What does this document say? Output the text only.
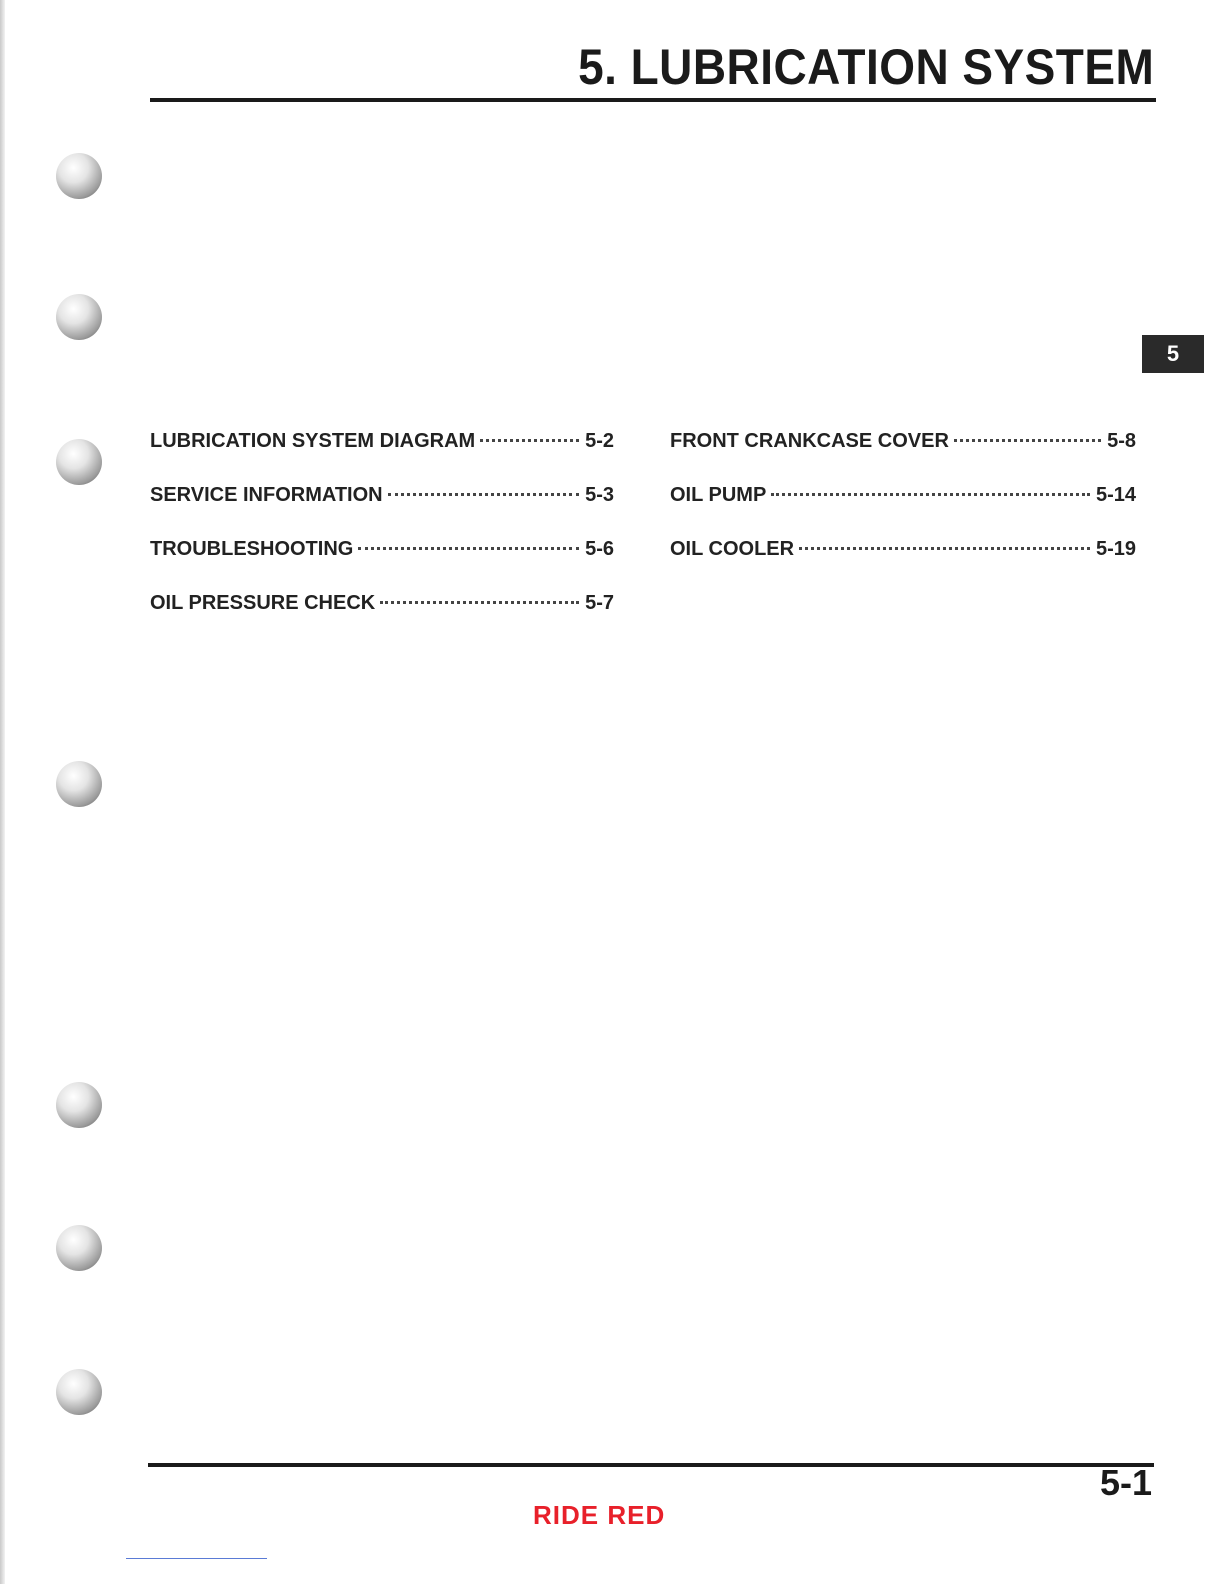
5. LUBRICATION SYSTEM
5
LUBRICATION SYSTEM DIAGRAM	5-2
SERVICE INFORMATION	5-3
TROUBLESHOOTING	5-6
OIL PRESSURE CHECK	5-7
FRONT CRANKCASE COVER	5-8
OIL PUMP	5-14
OIL COOLER	5-19
5-1
RIDE RED
